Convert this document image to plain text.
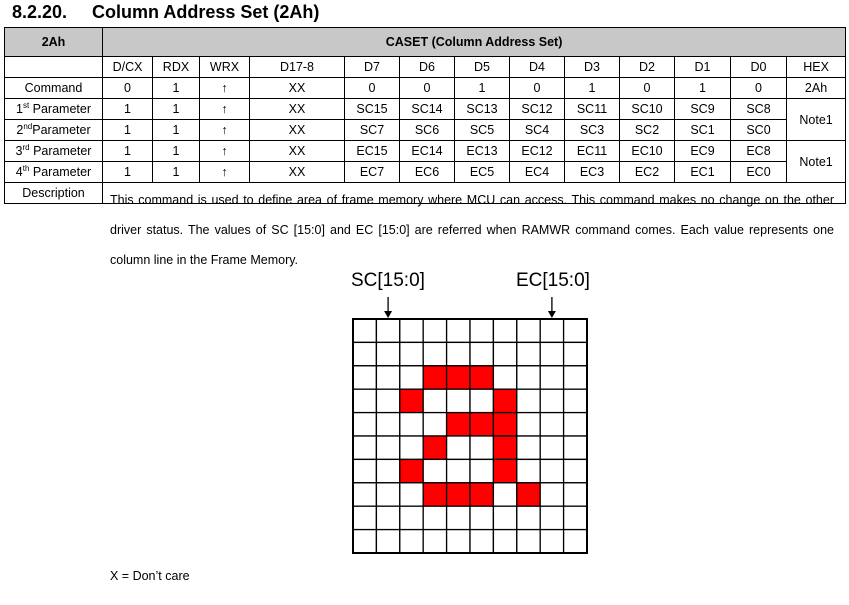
8.2.20. Column Address Set (2Ah)
2Ah	CASET (Column Address Set)												
	D/CX	RDX	WRX	D17-8	D7	D6	D5	D4	D3	D2	D1	D0	HEX
Command	0	1	↑	XX	0	0	1	0	1	0	1	0	2Ah
1st Parameter	1	1	↑	XX	SC15	SC14	SC13	SC12	SC11	SC10	SC9	SC8	Note1
2ndParameter	1	1	↑	XX	SC7	SC6	SC5	SC4	SC3	SC2	SC1	SC0	
3rd Parameter	1	1	↑	XX	EC15	EC14	EC13	EC12	EC11	EC10	EC9	EC8	Note1
4th Parameter	1	1	↑	XX	EC7	EC6	EC5	EC4	EC3	EC2	EC1	EC0	
Description	This command is used to define area of frame memory where MCU can access. This command makes no change on the other driver status. The values of SC [15:0] and EC [15:0] are referred when RAMWR command comes. Each value represents one column line in the Frame Memory.
SC[15:0] EC[15:0]
X = Don’t care												
